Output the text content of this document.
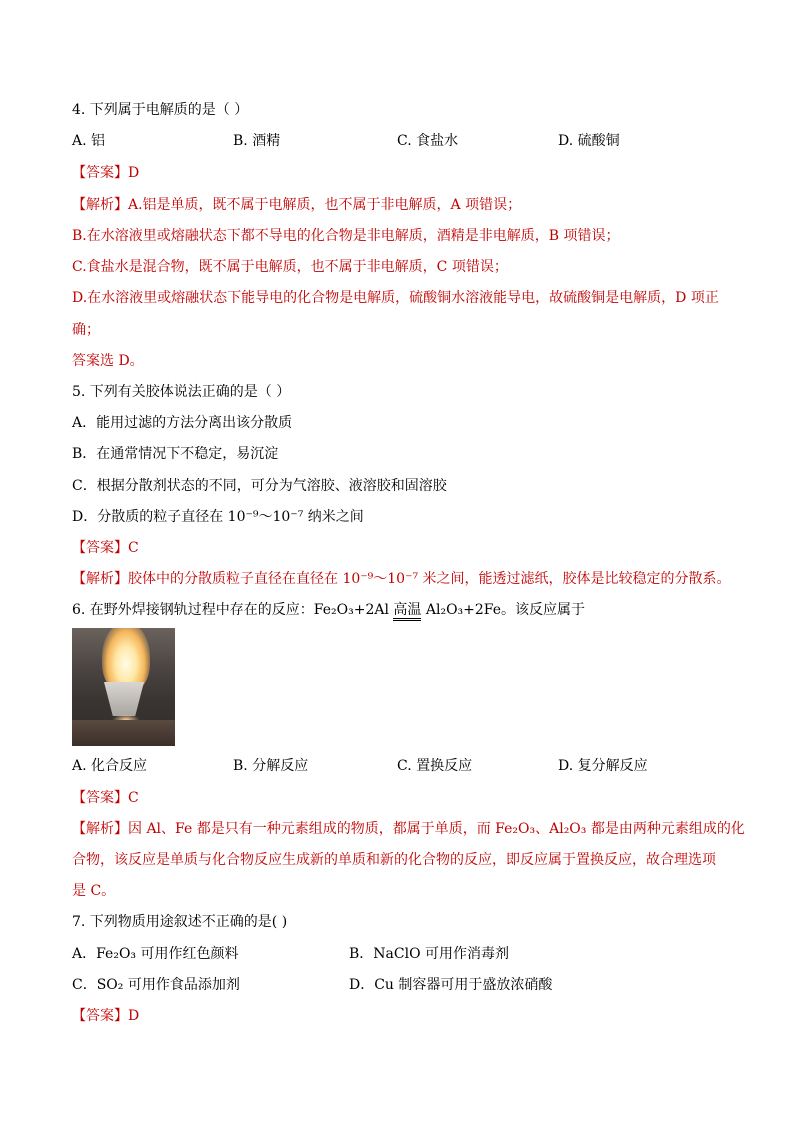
4. 下列属于电解质的是（ ）
A. 铝	B. 酒精	C. 食盐水	D. 硫酸铜
【答案】D
【解析】A.铝是单质，既不属于电解质，也不属于非电解质，A 项错误；
B.在水溶液里或熔融状态下都不导电的化合物是非电解质，酒精是非电解质，B 项错误；
C.食盐水是混合物，既不属于电解质，也不属于非电解质，C 项错误；
D.在水溶液里或熔融状态下能导电的化合物是电解质，硫酸铜水溶液能导电，故硫酸铜是电解质，D 项正
确；
答案选 D。
5. 下列有关胶体说法正确的是（ ）
A．能用过滤的方法分离出该分散质
B．在通常情况下不稳定，易沉淀
C．根据分散剂状态的不同，可分为气溶胶、液溶胶和固溶胶
D．分散质的粒子直径在 10⁻⁹～10⁻⁷ 纳米之间
【答案】C
【解析】胶体中的分散质粒子直径在直径在 10⁻⁹～10⁻⁷ 米之间，能透过滤纸，胶体是比较稳定的分散系。
6. 在野外焊接钢轨过程中存在的反应：Fe₂O₃+2Al 高温 Al₂O₃+2Fe。该反应属于
A. 化合反应	B. 分解反应	C. 置换反应	D. 复分解反应
【答案】C
【解析】因 Al、Fe 都是只有一种元素组成的物质，都属于单质，而 Fe₂O₃、Al₂O₃ 都是由两种元素组成的化
合物，该反应是单质与化合物反应生成新的单质和新的化合物的反应，即反应属于置换反应，故合理选项
是 C。
7. 下列物质用途叙述不正确的是( )
A．Fe₂O₃ 可用作红色颜料	B．NaClO 可用作消毒剂
C．SO₂ 可用作食品添加剂	D．Cu 制容器可用于盛放浓硝酸
【答案】D
